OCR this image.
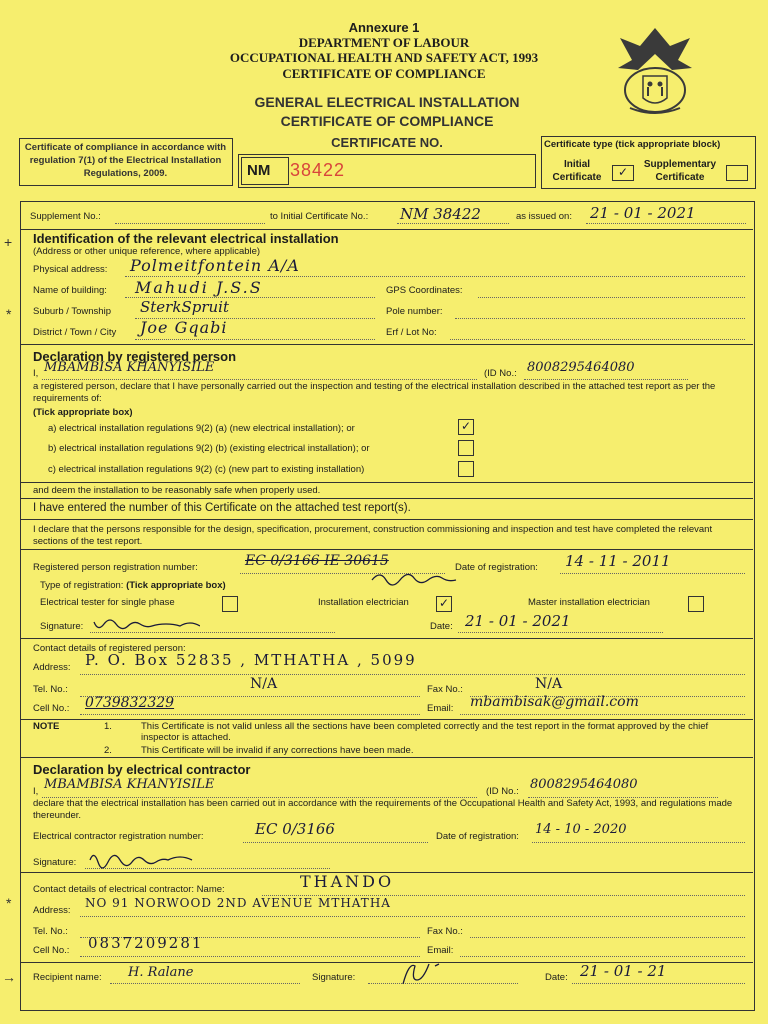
Annexure 1
DEPARTMENT OF LABOUR
OCCUPATIONAL HEALTH AND SAFETY ACT, 1993
CERTIFICATE OF COMPLIANCE
GENERAL ELECTRICAL INSTALLATION
CERTIFICATE OF COMPLIANCE
CERTIFICATE NO.
Certificate of compliance in accordance with regulation 7(1) of the Electrical Installation Regulations, 2009.	NM 38422
Certificate type (tick appropriate block)
Initial Certificate	✓
Supplementary Certificate
Supplement No.:	to Initial Certificate No.: NM 38422	as issued on: 21 - 01 - 2021
+ Identification of the relevant electrical installation
(Address or other unique reference, where applicable)
Physical address: Polmeitfontein A/A
Name of building: Mahudi J.S.S	GPS Coordinates:
Suburb / Township SterkSpruit	Pole number:
*
District / Town / City Joe Gqabi	Erf / Lot No:
Declaration by registered person
I, MBAMBISA KHANYISILE	(ID No.: 8008295464080
a registered person, declare that I have personally carried out the inspection and testing of the electrical installation described in the attached test report as per the requirements of:
(Tick appropriate box)
a) electrical installation regulations 9(2) (a) (new electrical installation); or	✓
b) electrical installation regulations 9(2) (b) (existing electrical installation); or
c) electrical installation regulations 9(2) (c) (new part to existing installation)
and deem the installation to be reasonably safe when properly used.
I have entered the number of this Certificate on the attached test report(s).
I declare that the persons responsible for the design, specification, procurement, construction commissioning and inspection and test have completed the relevant sections of the test report.
Registered person registration number:	EC 0/3166 IE 30615	Date of registration: 14 - 11 - 2011
Type of registration: (Tick appropriate box)
Electrical tester for single phase	Installation electrician	✓	Master installation electrician
Signature:	Date: 21 - 01 - 2021
Contact details of registered person:
Address: P. O. Box 52835 , MTHATHA , 5099
Tel. No.:	N/A	Fax No.:	N/A
Cell No.: 0739832329	Email: mbambisak@gmail.com
NOTE	1.	This Certificate is not valid unless all the sections have been completed correctly and the test report in the format approved by the chief inspector is attached.
2.	This Certificate will be invalid if any corrections have been made.
Declaration by electrical contractor
I, MBAMBISA KHANYISILE	(ID No.: 8008295464080
declare that the electrical installation has been carried out in accordance with the requirements of the Occupational Health and Safety Act, 1993, and regulations made thereunder.
Electrical contractor registration number:	EC 0/3166	Date of registration: 14 - 10 - 2020
Signature:
*
Contact details of electrical contractor: Name:	THANDO
Address:
NO 91 NORWOOD 2ND AVENUE MTHATHA
Tel. No.:	Fax No.:
Cell No.: 0837209281	Email:
→ Recipient name: H. Ralane	Signature:	Date: 21 - 01 - 21
